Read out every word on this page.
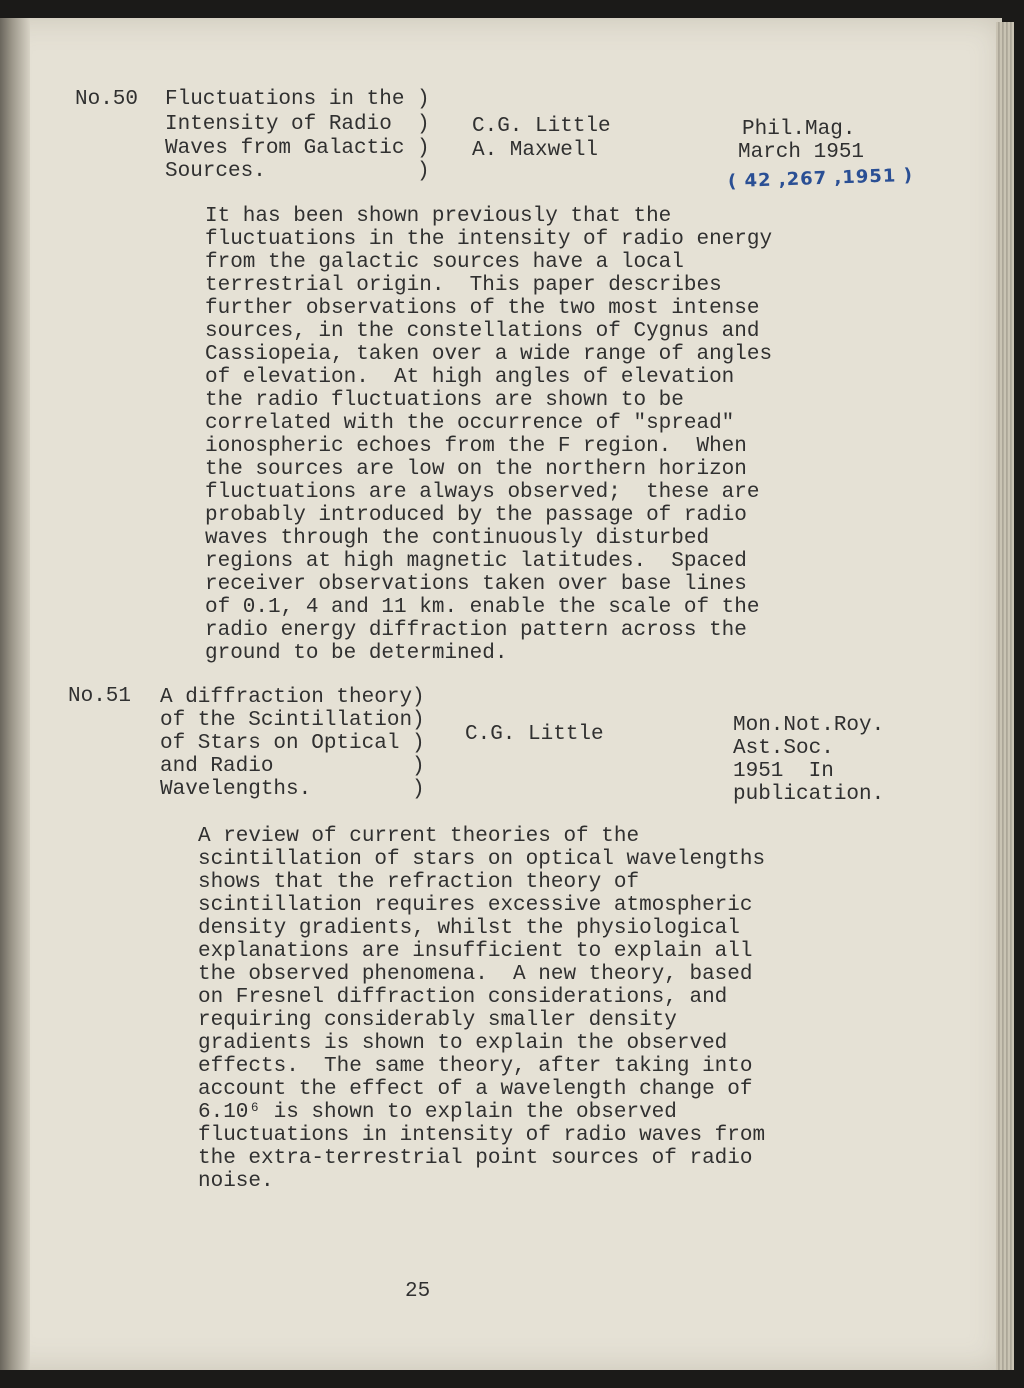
No.50 Fluctuations in the )

Intensity of Radio  )

Waves from Galactic )

Sources.            )

C.G. Little

A. Maxwell

Phil.Mag.

March 1951

( 42 ,267 ,1951 )

It has been shown previously that the

fluctuations in the intensity of radio energy

from the galactic sources have a local

terrestrial origin.  This paper describes

further observations of the two most intense

sources, in the constellations of Cygnus and

Cassiopeia, taken over a wide range of angles

of elevation.  At high angles of elevation

the radio fluctuations are shown to be

correlated with the occurrence of "spread"

ionospheric echoes from the F region.  When

the sources are low on the northern horizon

fluctuations are always observed;  these are

probably introduced by the passage of radio

waves through the continuously disturbed

regions at high magnetic latitudes.  Spaced

receiver observations taken over base lines

of 0.1, 4 and 11 km. enable the scale of the

radio energy diffraction pattern across the

ground to be determined.

No.51 A diffraction theory)

of the Scintillation)

of Stars on Optical )

and Radio           )

Wavelengths.        )

C.G. Little	Mon.Not.Roy.

Ast.Soc.

1951  In

publication.

A review of current theories of the

scintillation of stars on optical wavelengths

shows that the refraction theory of

scintillation requires excessive atmospheric

density gradients, whilst the physiological

explanations are insufficient to explain all

the observed phenomena.  A new theory, based

on Fresnel diffraction considerations, and

requiring considerably smaller density

gradients is shown to explain the observed

effects.  The same theory, after taking into

account the effect of a wavelength change of

6.10⁶ is shown to explain the observed

fluctuations in intensity of radio waves from

the extra-terrestrial point sources of radio

noise.

25
